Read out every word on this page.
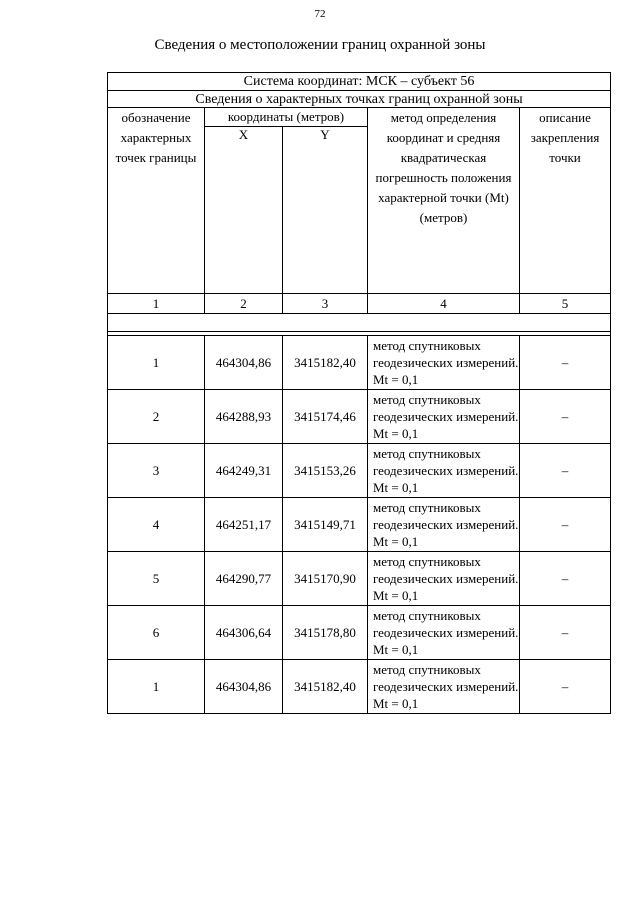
72
Сведения о местоположении границ охранной зоны
Система координат: МСК – субъект 56				
Сведения о характерных точках границ охранной зоны				
обозначение характерных точек границы	координаты (метров)		метод определения координат и средняя квадратическая погрешность положения характерной точки (Mt) (метров)	описание закрепления точки
	X	Y		
1	2	3	4	5

1	464304,86	3415182,40	метод спутниковых геодезических измерений. Mt = 0,1	–
2	464288,93	3415174,46	метод спутниковых геодезических измерений. Mt = 0,1	–
3	464249,31	3415153,26	метод спутниковых геодезических измерений. Mt = 0,1	–
4	464251,17	3415149,71	метод спутниковых геодезических измерений. Mt = 0,1	–
5	464290,77	3415170,90	метод спутниковых геодезических измерений. Mt = 0,1	–
6	464306,64	3415178,80	метод спутниковых геодезических измерений. Mt = 0,1	–
1	464304,86	3415182,40	метод спутниковых геодезических измерений. Mt = 0,1	–
